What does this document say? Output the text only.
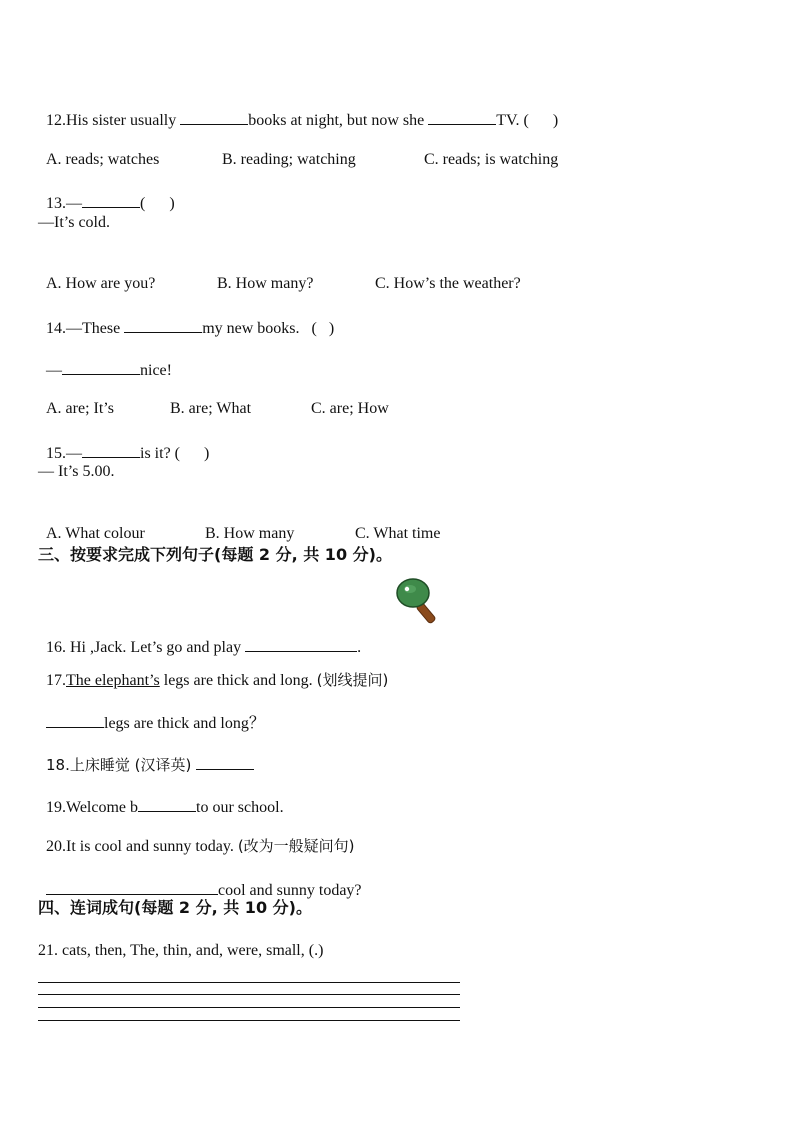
12.His sister usually	books at night, but now she	TV. (      )

A. reads; watches	B. reading; watching	C. reads; is watching

13.—	(      )

—It’s cold.

A. How are you?	B. How many?	C. How’s the weather?

14.—These	my new books.   (   )

—	nice!

A. are; It’s	B. are; What	C. are; How

15.—	is it? (      )

— It’s 5.00.

A. What colour	B. How many	C. What time

三、按要求完成下列句子(每题 2 分, 共 10 分)。

16. Hi ,Jack. Let’s go and play	.

17.The elephant’s legs are thick and long. (划线提问)

legs are thick and long？

18.上床睡觉 (汉译英)

19.Welcome b	to our school.

20.It is cool and sunny today. (改为一般疑问句)

cool and sunny today?

四、连词成句(每题 2 分, 共 10 分)。
21. cats, then, The, thin, and, were, small, (.)
